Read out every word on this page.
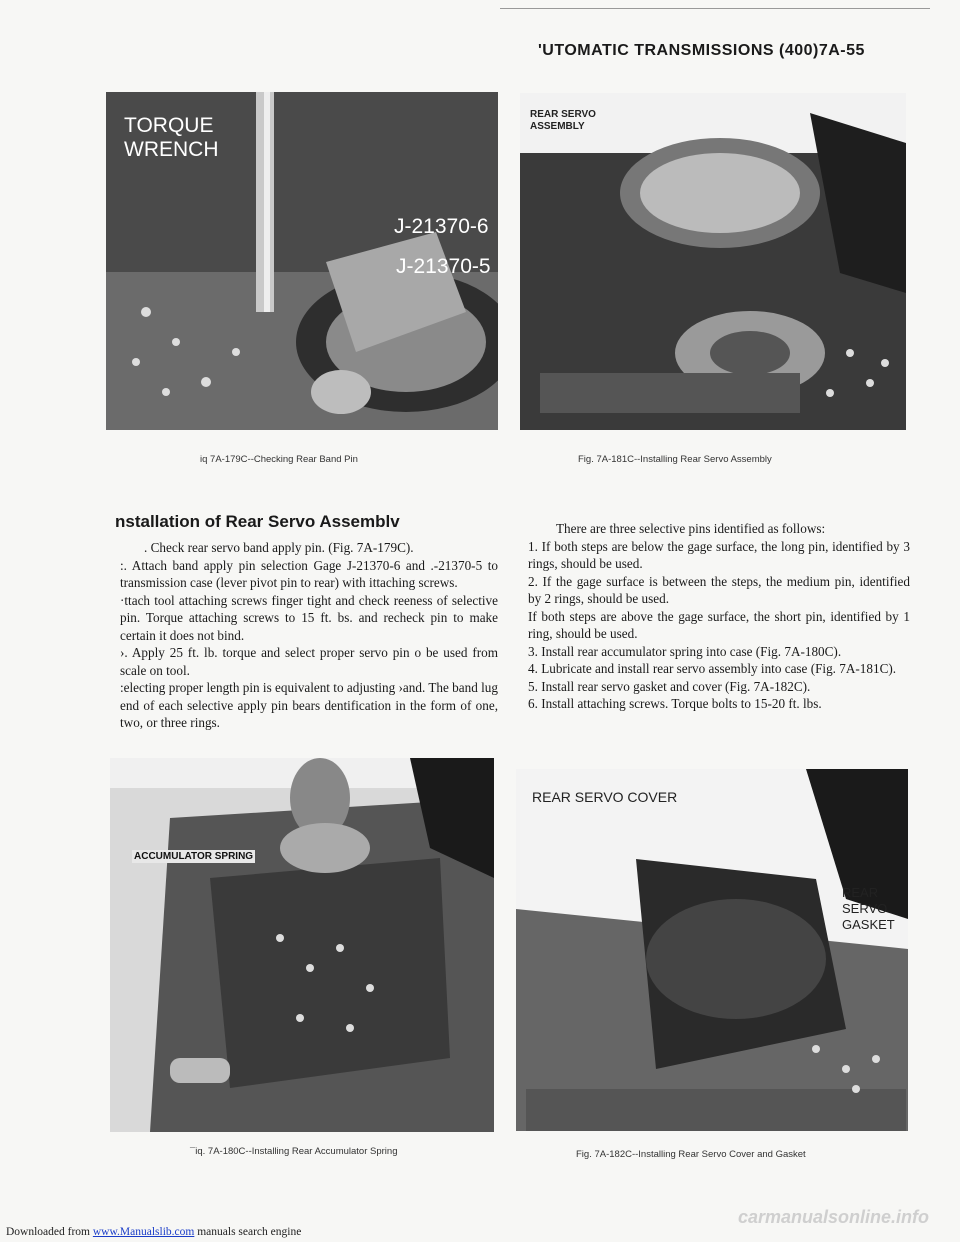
'UTOMATIC TRANSMISSIONS (400)7A-55
TORQUE
WRENCH
J-21370-6
J-21370-5
iq 7A-179C--Checking Rear Band Pin
REAR SERVO
ASSEMBLY
Fig. 7A-181C--Installing Rear Servo Assembly
nstallation of Rear Servo Assemblv

. Check rear servo band apply pin. (Fig. 7A-179C).

:. Attach band apply pin selection Gage J-21370-6 and .-21370-5 to transmission case (lever pivot pin to rear) with ittaching screws.

·ttach tool attaching screws finger tight and check reeness of selective pin. Torque attaching screws to 15 ft. bs. and recheck pin to make certain it does not bind.

›. Apply 25 ft. lb. torque and select proper servo pin o be used from scale on tool.

:electing proper length pin is equivalent to adjusting ›and. The band lug end of each selective apply pin bears dentification in the form of one, two, or three rings.

There are three selective pins identified as follows:

1. If both steps are below the gage surface, the long pin, identified by 3 rings, should be used.

2. If the gage surface is between the steps, the medium pin, identified by 2 rings, should be used.

If both steps are above the gage surface, the short pin, identified by 1 ring, should be used.

3. Install rear accumulator spring into case (Fig. 7A-180C).

4. Lubricate and install rear servo assembly into case (Fig. 7A-181C).

5. Install rear servo gasket and cover (Fig. 7A-182C).

6. Install attaching screws. Torque bolts to 15-20 ft. lbs.

ACCUMULATOR SPRING
¯iq. 7A-180C--Installing Rear Accumulator Spring
REAR SERVO COVER
REAR
SERVO
GASKET
Fig. 7A-182C--Installing Rear Servo Cover and Gasket
Downloaded from www.Manualslib.com manuals search engine
carmanualsonline.info
